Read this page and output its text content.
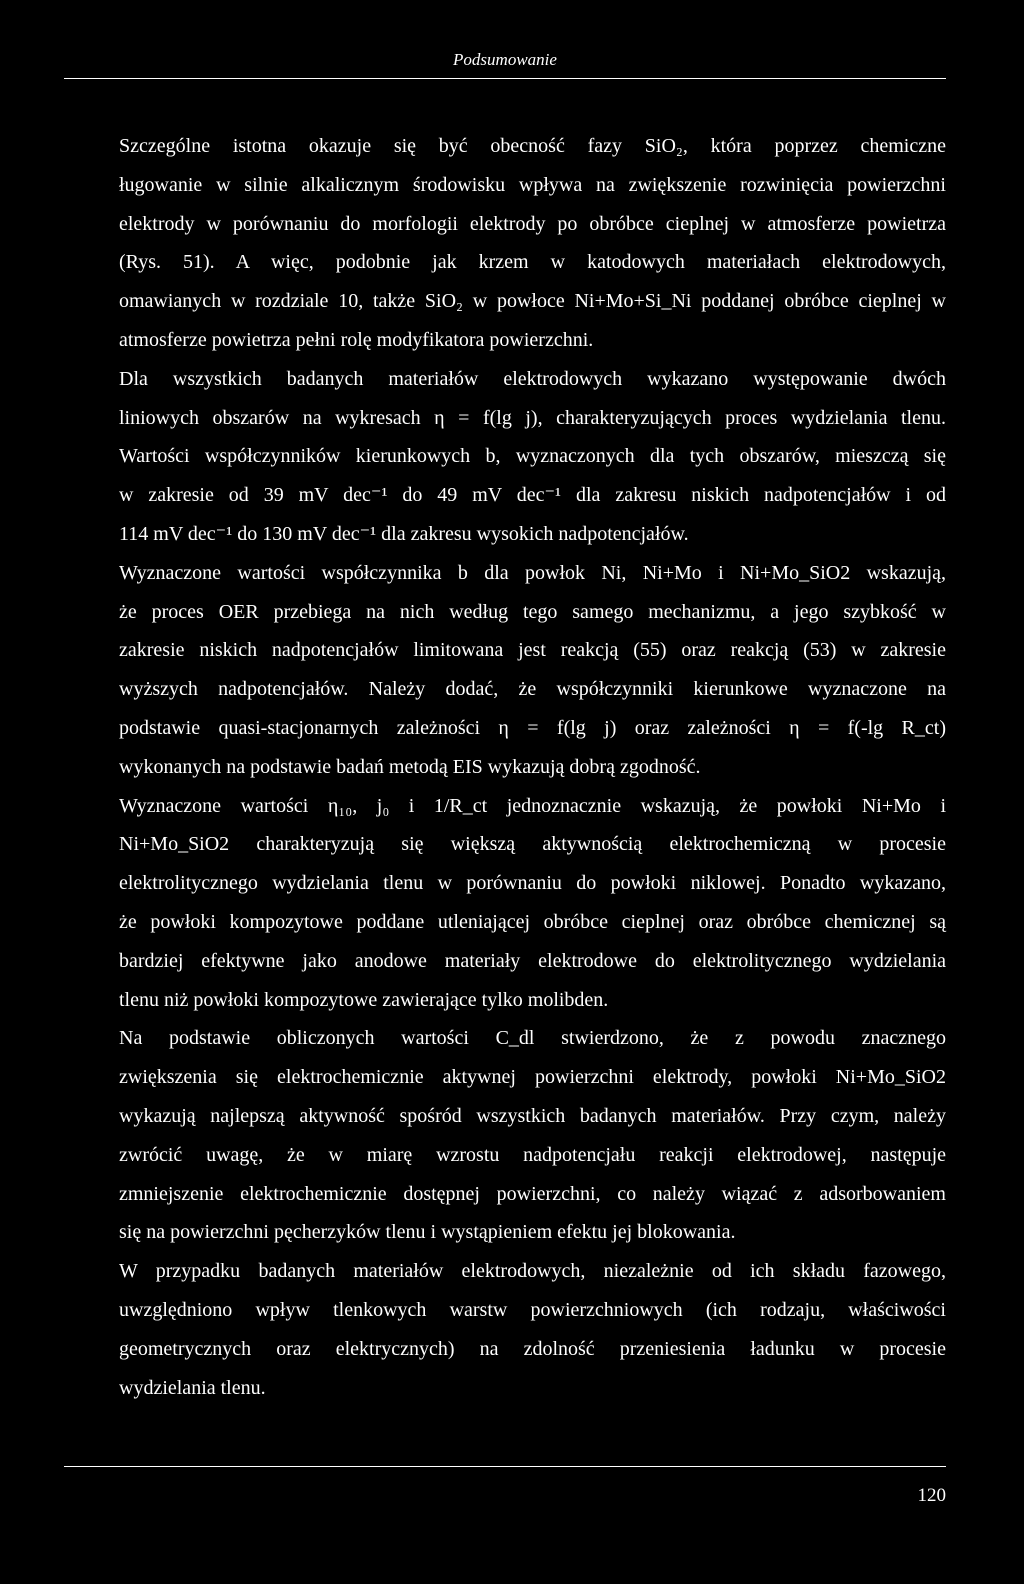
Podsumowanie

Szczególne istotna okazuje się być obecność fazy SiO₂, która poprzez chemiczne
ługowanie w silnie alkalicznym środowisku wpływa na zwiększenie rozwinięcia powierzchni
elektrody w porównaniu do morfologii elektrody po obróbce cieplnej w atmosferze powietrza
(Rys. 51). A więc, podobnie jak krzem w katodowych materiałach elektrodowych,
omawianych w rozdziale 10, także SiO₂ w powłoce Ni+Mo+Si_Ni poddanej obróbce cieplnej w
atmosferze powietrza pełni rolę modyfikatora powierzchni.

Dla wszystkich badanych materiałów elektrodowych wykazano występowanie dwóch
liniowych obszarów na wykresach η = f(lg j), charakteryzujących proces wydzielania tlenu.
Wartości współczynników kierunkowych b, wyznaczonych dla tych obszarów, mieszczą się
w zakresie od 39 mV dec⁻¹ do 49 mV dec⁻¹ dla zakresu niskich nadpotencjałów i od
114 mV dec⁻¹ do 130 mV dec⁻¹ dla zakresu wysokich nadpotencjałów.

Wyznaczone wartości współczynnika b dla powłok Ni, Ni+Mo i Ni+Mo_SiO2 wskazują,
że proces OER przebiega na nich według tego samego mechanizmu, a jego szybkość w
zakresie niskich nadpotencjałów limitowana jest reakcją (55) oraz reakcją (53) w zakresie
wyższych nadpotencjałów. Należy dodać, że współczynniki kierunkowe wyznaczone na
podstawie quasi-stacjonarnych zależności η = f(lg j) oraz zależności η = f(-lg R_ct)
wykonanych na podstawie badań metodą EIS wykazują dobrą zgodność.

Wyznaczone wartości η₁₀, j₀ i 1/R_ct jednoznacznie wskazują, że powłoki Ni+Mo i
Ni+Mo_SiO2 charakteryzują się większą aktywnością elektrochemiczną w procesie
elektrolitycznego wydzielania tlenu w porównaniu do powłoki niklowej. Ponadto wykazano,
że powłoki kompozytowe poddane utleniającej obróbce cieplnej oraz obróbce chemicznej są
bardziej efektywne jako anodowe materiały elektrodowe do elektrolitycznego wydzielania
tlenu niż powłoki kompozytowe zawierające tylko molibden.

Na podstawie obliczonych wartości C_dl stwierdzono, że z powodu znacznego
zwiększenia się elektrochemicznie aktywnej powierzchni elektrody, powłoki Ni+Mo_SiO2
wykazują najlepszą aktywność spośród wszystkich badanych materiałów. Przy czym, należy
zwrócić uwagę, że w miarę wzrostu nadpotencjału reakcji elektrodowej, następuje
zmniejszenie elektrochemicznie dostępnej powierzchni, co należy wiązać z adsorbowaniem
się na powierzchni pęcherzyków tlenu i wystąpieniem efektu jej blokowania.

W przypadku badanych materiałów elektrodowych, niezależnie od ich składu fazowego,
uwzględniono wpływ tlenkowych warstw powierzchniowych (ich rodzaju, właściwości
geometrycznych oraz elektrycznych) na zdolność przeniesienia ładunku w procesie
wydzielania tlenu.

120
